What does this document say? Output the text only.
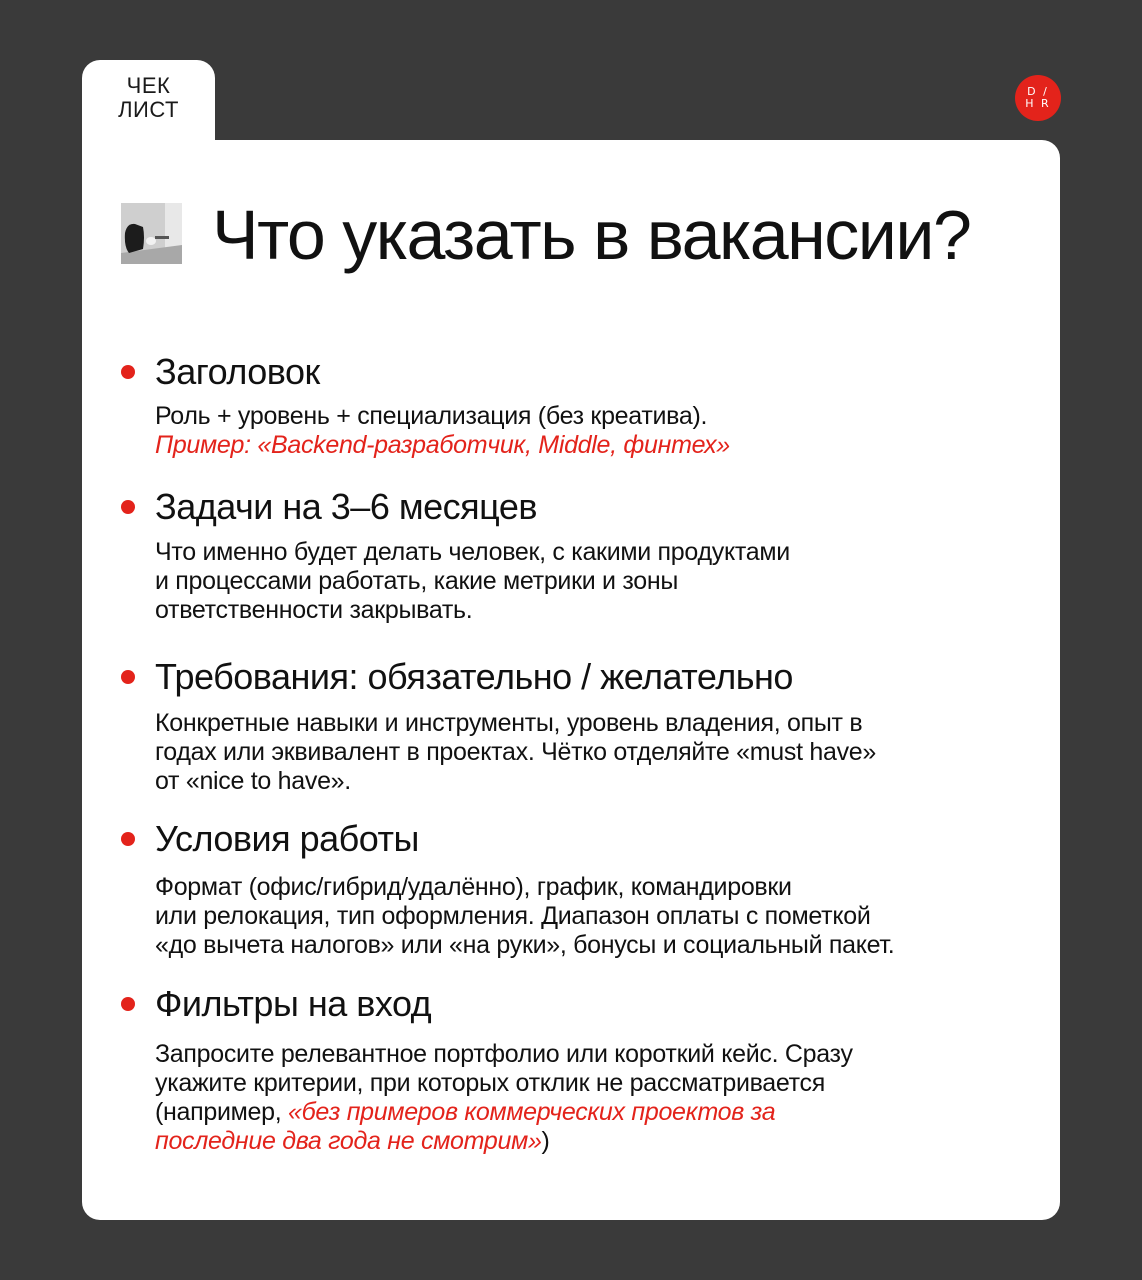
ЧЕК
ЛИСТ
D /
H R
Что указать в вакансии?
Заголовок

Роль + уровень + специализация (без креатива).
Пример: «Backend-разработчик, Middle, финтех»

Задачи на 3–6 месяцев

Что именно будет делать человек, с какими продуктами
и процессами работать, какие метрики и зоны
ответственности закрывать.

Требования: обязательно / желательно

Конкретные навыки и инструменты, уровень владения, опыт в
годах или эквивалент в проектах. Чётко отделяйте «must have»
от «nice to have».

Условия работы

Формат (офис/гибрид/удалённо), график, командировки
или релокация, тип оформления. Диапазон оплаты с пометкой
«до вычета налогов» или «на руки», бонусы и социальный пакет.

Фильтры на вход

Запросите релевантное портфолио или короткий кейс. Сразу
укажите критерии, при которых отклик не рассматривается
(например, «без примеров коммерческих проектов за
последние два года не смотрим»)
